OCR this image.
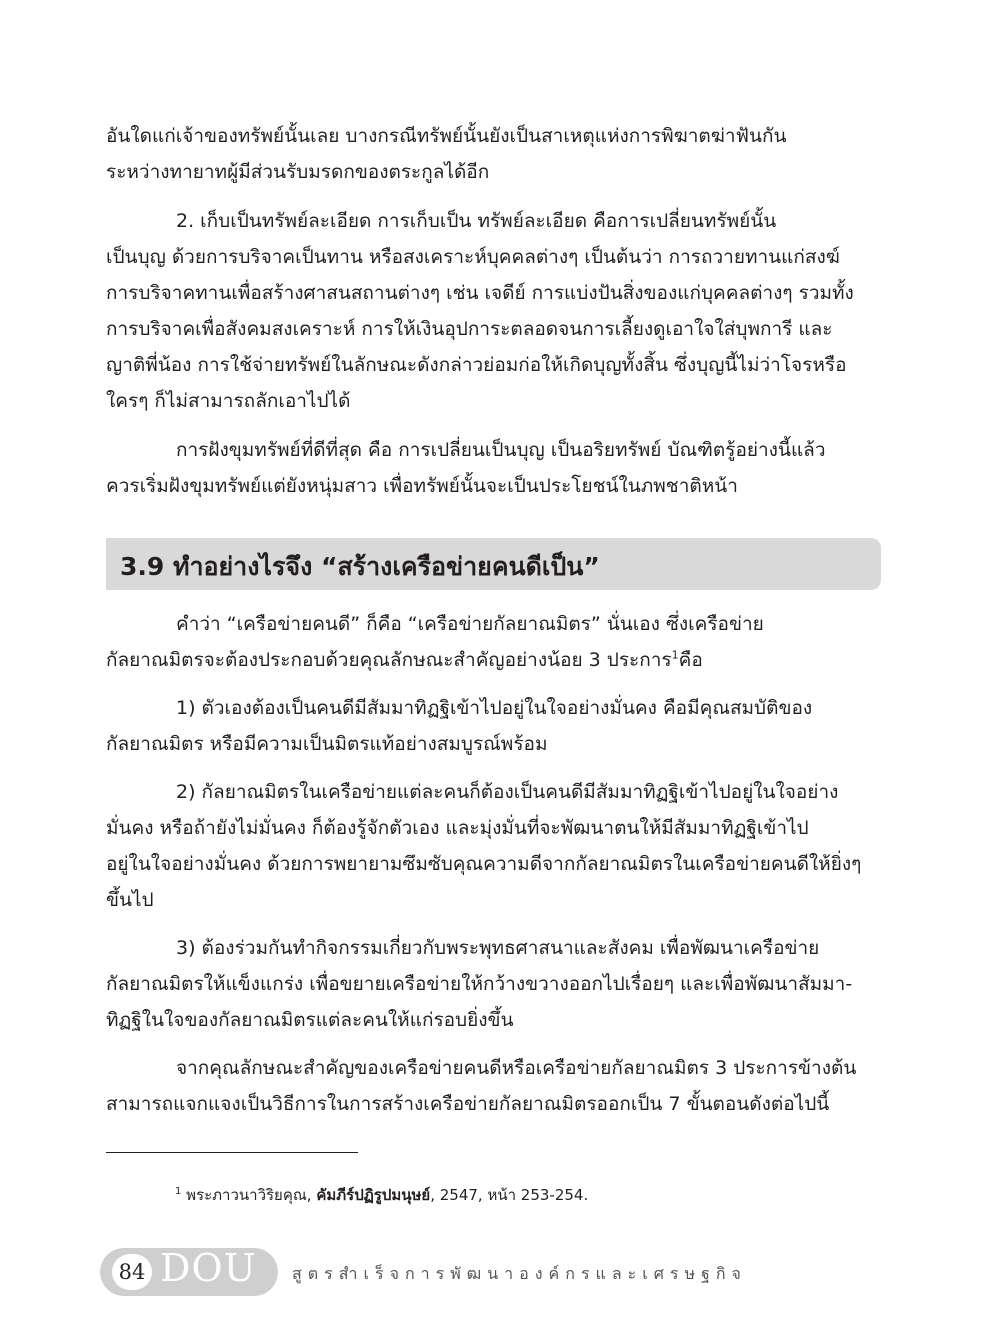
อันใดแก่เจ้าของทรัพย์นั้นเลย บางกรณีทรัพย์นั้นยังเป็นสาเหตุแห่งการพิฆาตฆ่าฟันกัน
ระหว่างทายาทผู้มีส่วนรับมรดกของตระกูลได้อีก

2. เก็บเป็นทรัพย์ละเอียด การเก็บเป็น ทรัพย์ละเอียด คือการเปลี่ยนทรัพย์นั้น
เป็นบุญ ด้วยการบริจาคเป็นทาน หรือสงเคราะห์บุคคลต่างๆ เป็นต้นว่า การถวายทานแก่สงฆ์
การบริจาคทานเพื่อสร้างศาสนสถานต่างๆ เช่น เจดีย์ การแบ่งปันสิ่งของแก่บุคคลต่างๆ รวมทั้ง
การบริจาคเพื่อสังคมสงเคราะห์ การให้เงินอุปการะตลอดจนการเลี้ยงดูเอาใจใส่บุพการี และ
ญาติพี่น้อง การใช้จ่ายทรัพย์ในลักษณะดังกล่าวย่อมก่อให้เกิดบุญทั้งสิ้น ซึ่งบุญนี้ไม่ว่าโจรหรือ
ใครๆ ก็ไม่สามารถลักเอาไปได้

การฝังขุมทรัพย์ที่ดีที่สุด คือ การเปลี่ยนเป็นบุญ เป็นอริยทรัพย์ บัณฑิตรู้อย่างนี้แล้ว
ควรเริ่มฝังขุมทรัพย์แต่ยังหนุ่มสาว เพื่อทรัพย์นั้นจะเป็นประโยชน์ในภพชาติหน้า

3.9 ทำอย่างไรจึง “สร้างเครือข่ายคนดีเป็น”

คำว่า “เครือข่ายคนดี” ก็คือ “เครือข่ายกัลยาณมิตร” นั่นเอง ซึ่งเครือข่าย
กัลยาณมิตรจะต้องประกอบด้วยคุณลักษณะสำคัญอย่างน้อย 3 ประการ$^1$คือ

1) ตัวเองต้องเป็นคนดีมีสัมมาทิฏฐิเข้าไปอยู่ในใจอย่างมั่นคง คือมีคุณสมบัติของ
กัลยาณมิตร หรือมีความเป็นมิตรแท้อย่างสมบูรณ์พร้อม

2) กัลยาณมิตรในเครือข่ายแต่ละคนก็ต้องเป็นคนดีมีสัมมาทิฏฐิเข้าไปอยู่ในใจอย่าง
มั่นคง หรือถ้ายังไม่มั่นคง ก็ต้องรู้จักตัวเอง และมุ่งมั่นที่จะพัฒนาตนให้มีสัมมาทิฏฐิเข้าไป
อยู่ในใจอย่างมั่นคง ด้วยการพยายามซึมซับคุณความดีจากกัลยาณมิตรในเครือข่ายคนดีให้ยิ่งๆ
ขึ้นไป

3) ต้องร่วมกันทำกิจกรรมเกี่ยวกับพระพุทธศาสนาและสังคม เพื่อพัฒนาเครือข่าย
กัลยาณมิตรให้แข็งแกร่ง เพื่อขยายเครือข่ายให้กว้างขวางออกไปเรื่อยๆ และเพื่อพัฒนาสัมมา-
ทิฏฐิในใจของกัลยาณมิตรแต่ละคนให้แก่รอบยิ่งขึ้น

จากคุณลักษณะสำคัญของเครือข่ายคนดีหรือเครือข่ายกัลยาณมิตร 3 ประการข้างต้น
สามารถแจกแจงเป็นวิธีการในการสร้างเครือข่ายกัลยาณมิตรออกเป็น 7 ขั้นตอนดังต่อไปนี้

$^1$ พระภาวนาวิริยคุณ, คัมภีร์ปฏิรูปมนุษย์, 2547, หน้า 253-254.
84 DOU สูตรสำเร็จการพัฒนาองค์กรและเศรษฐกิจ
